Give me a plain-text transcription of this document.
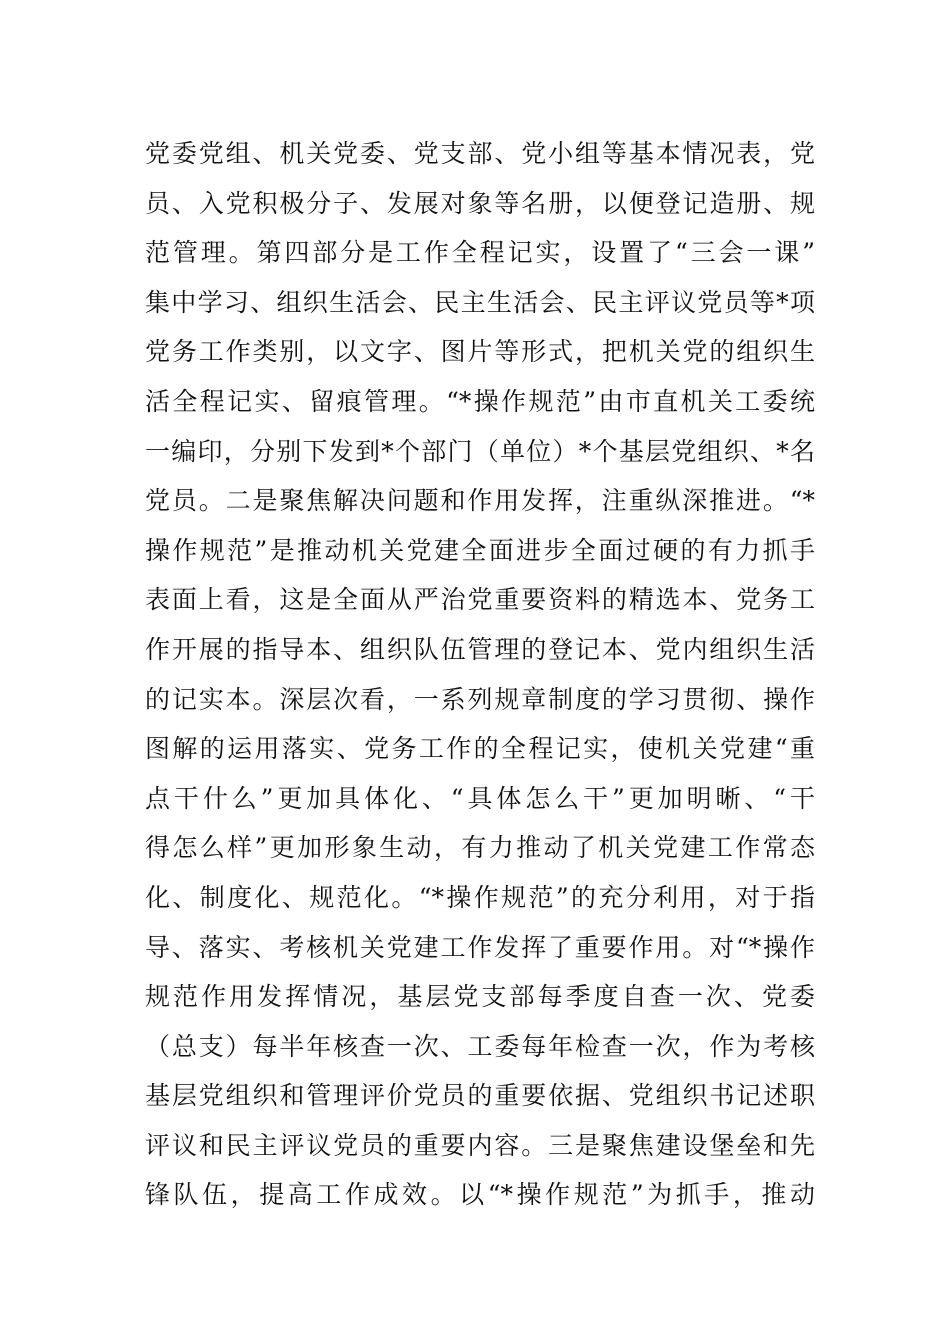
党委党组、机关党委、党支部、党小组等基本情况表，党
员、入党积极分子、发展对象等名册，以便登记造册、规
范管理。第四部分是工作全程记实，设置了“三会一课”
集中学习、组织生活会、民主生活会、民主评议党员等*项
党务工作类别，以文字、图片等形式，把机关党的组织生
活全程记实、留痕管理。“*操作规范”由市直机关工委统
一编印，分别下发到*个部门（单位）*个基层党组织、*名
党员。二是聚焦解决问题和作用发挥，注重纵深推进。“*
操作规范”是推动机关党建全面进步全面过硬的有力抓手
表面上看，这是全面从严治党重要资料的精选本、党务工
作开展的指导本、组织队伍管理的登记本、党内组织生活
的记实本。深层次看，一系列规章制度的学习贯彻、操作
图解的运用落实、党务工作的全程记实，使机关党建“重
点干什么”更加具体化、“具体怎么干”更加明晰、“干
得怎么样”更加形象生动，有力推动了机关党建工作常态
化、制度化、规范化。“*操作规范”的充分利用，对于指
导、落实、考核机关党建工作发挥了重要作用。对“*操作
规范作用发挥情况，基层党支部每季度自查一次、党委
（总支）每半年核查一次、工委每年检查一次，作为考核
基层党组织和管理评价党员的重要依据、党组织书记述职
评议和民主评议党员的重要内容。三是聚焦建设堡垒和先
锋队伍，提高工作成效。以“*操作规范”为抓手，推动
